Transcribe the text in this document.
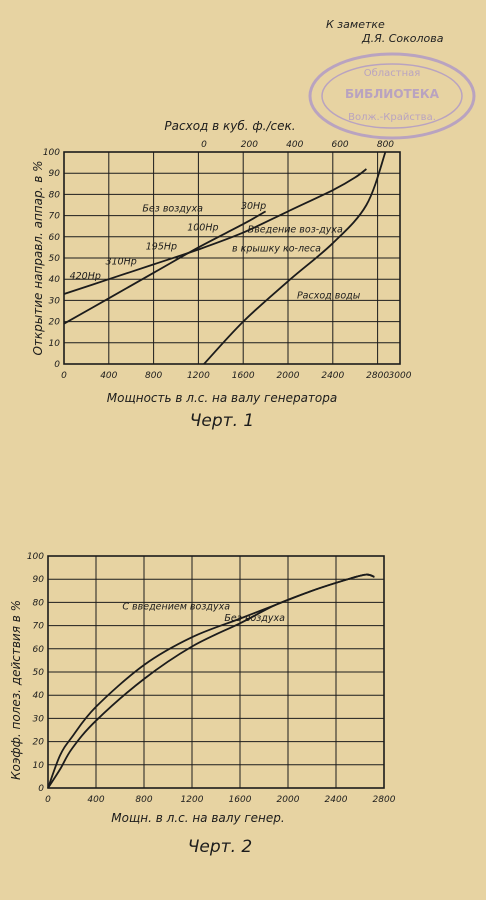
К заметке
Д.Я. Соколова
Областная
БИБЛИОТЕКА
Волж.-Крайства.
0	400	800	1200 1600 2000 2400 2800 3000
0
10
20
30
40
50
60
70
80
90
100
0	200	400	600	800
Без воздуха	30Hp
100Hp	Введение воз-духа
в крышку ко-леса
195Hp
310Hp
420Hp
Расход воды
Расход в куб. ф./сек.
Открытие направл. аппар. в %
Мощность в л.с. на валу генератора
Черт. 1
0	400	800	1200	1600	2000	2400	2800
0
10
20
30
40
50
60
70
80
90
100
С введением воздуха
Без воздуха
Коэфф. полез. действия в %
Мощн. в л.с. на валу генер.
Черт. 2
